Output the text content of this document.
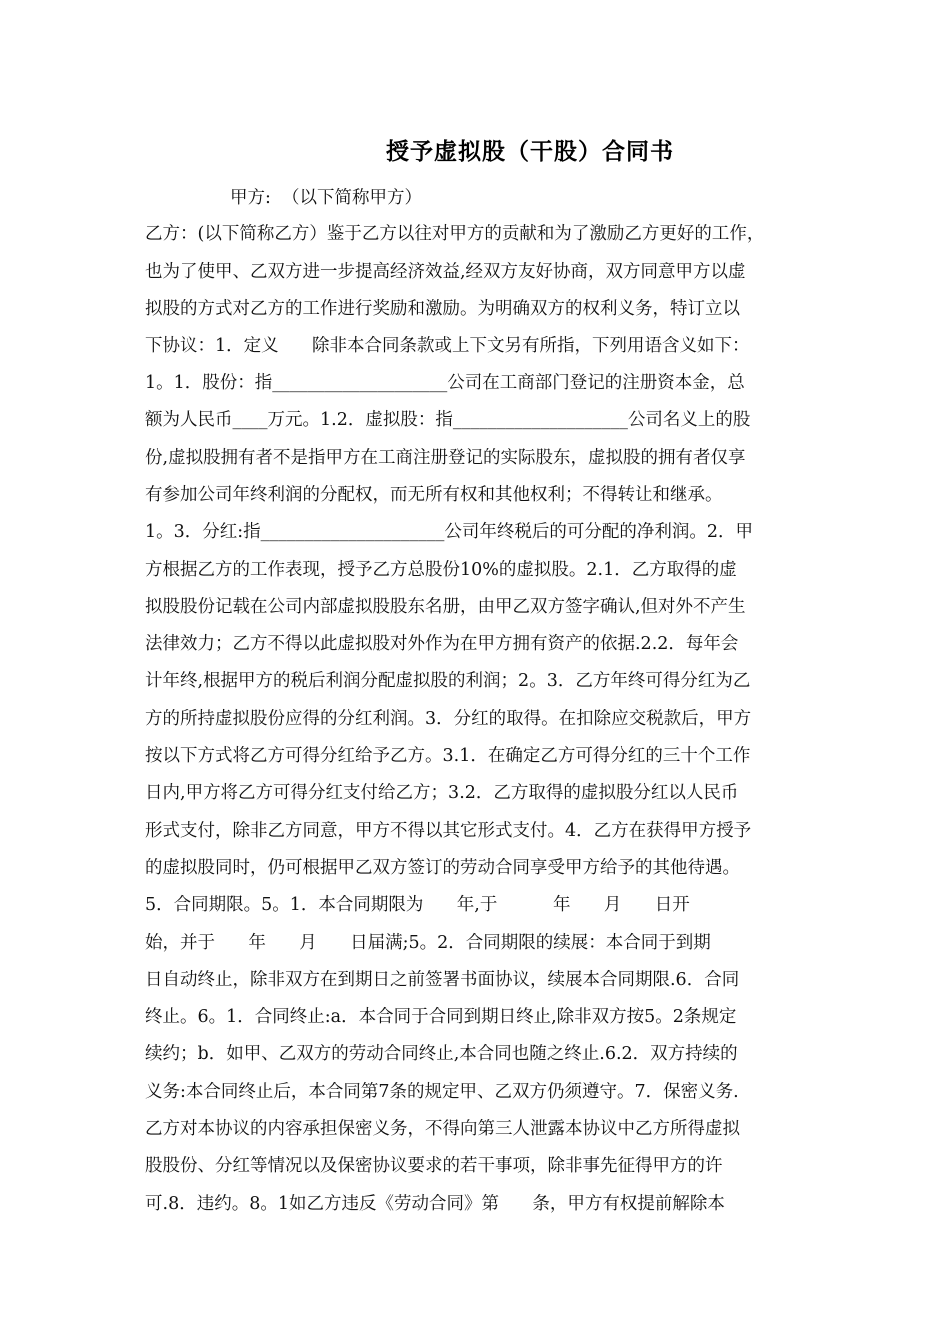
授予虚拟股（干股）合同书
甲方:  （以下简称甲方）
乙方：(以下简称乙方）鉴于乙方以往对甲方的贡献和为了激励乙方更好的工作，
也为了使甲、乙双方进一步提高经济效益,经双方友好协商，双方同意甲方以虚
拟股的方式对乙方的工作进行奖励和激励。为明确双方的权利义务，特订立以
下协议：1．定义      除非本合同条款或上下文另有所指，下列用语含义如下：
1。1．股份：指____________________公司在工商部门登记的注册资本金，总
额为人民币____万元。1.2．虚拟股：指____________________公司名义上的股
份,虚拟股拥有者不是指甲方在工商注册登记的实际股东，虚拟股的拥有者仅享
有参加公司年终利润的分配权，而无所有权和其他权利；不得转让和继承。
1。3．分红:指_____________________公司年终税后的可分配的净利润。2．甲
方根据乙方的工作表现，授予乙方总股份10%的虚拟股。2.1．乙方取得的虚
拟股股份记载在公司内部虚拟股股东名册，由甲乙双方签字确认,但对外不产生
法律效力；乙方不得以此虚拟股对外作为在甲方拥有资产的依据.2.2．每年会
计年终,根据甲方的税后利润分配虚拟股的利润；2。3．乙方年终可得分红为乙
方的所持虚拟股份应得的分红利润。3．分红的取得。在扣除应交税款后，甲方
按以下方式将乙方可得分红给予乙方。3.1．在确定乙方可得分红的三十个工作
日内,甲方将乙方可得分红支付给乙方；3.2．乙方取得的虚拟股分红以人民币
形式支付，除非乙方同意，甲方不得以其它形式支付。4．乙方在获得甲方授予
的虚拟股同时，仍可根据甲乙双方签订的劳动合同享受甲方给予的其他待遇。
5．合同期限。5。1．本合同期限为      年,于          年      月      日开
始，并于      年      月      日届满;5。2．合同期限的续展：本合同于到期
日自动终止，除非双方在到期日之前签署书面协议，续展本合同期限.6．合同
终止。6。1．合同终止:a．本合同于合同到期日终止,除非双方按5。2条规定
续约；b．如甲、乙双方的劳动合同终止,本合同也随之终止.6.2．双方持续的
义务:本合同终止后，本合同第7条的规定甲、乙双方仍须遵守。7．保密义务.
乙方对本协议的内容承担保密义务，不得向第三人泄露本协议中乙方所得虚拟
股股份、分红等情况以及保密协议要求的若干事项，除非事先征得甲方的许
可.8．违约。8。1如乙方违反《劳动合同》第      条，甲方有权提前解除本
